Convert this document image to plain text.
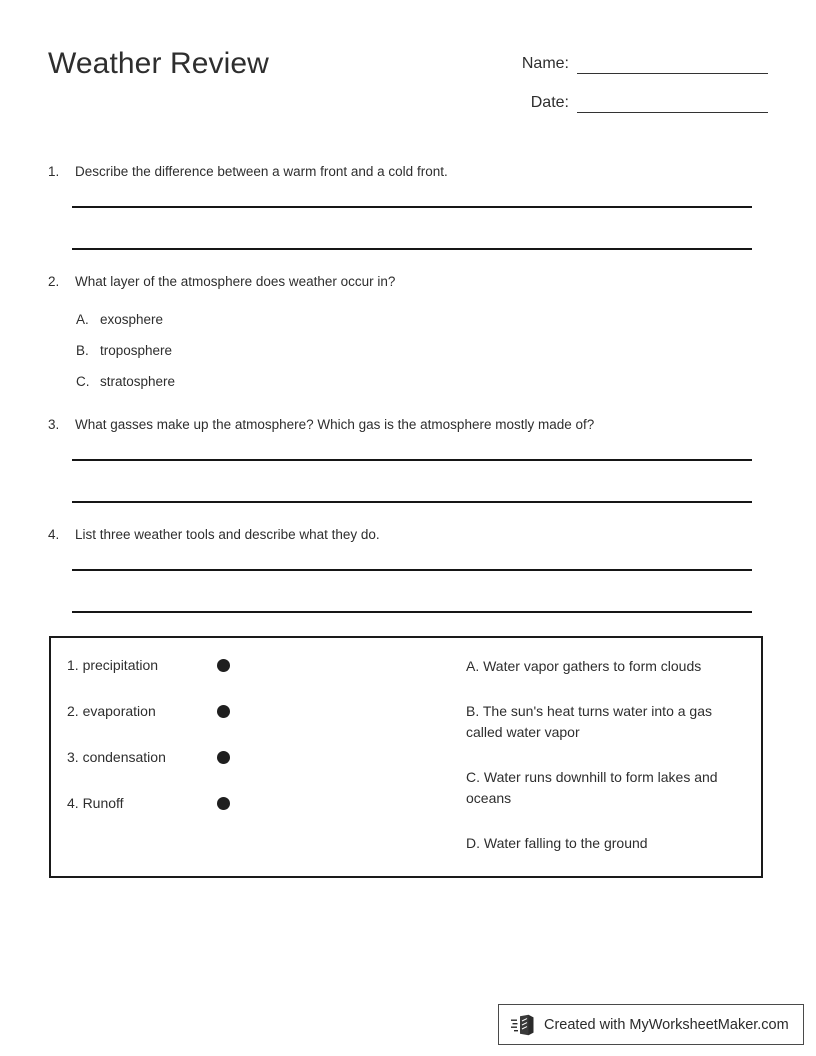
Weather Review	Name:
Date:
1.	Describe the difference between a warm front and a cold front.
2.	What layer of the atmosphere does weather occur in?
A. exosphere
B. troposphere
C. stratosphere
3.	What gasses make up the atmosphere? Which gas is the atmosphere mostly made of?
4.	List three weather tools and describe what they do.
1. precipitation
2. evaporation
3. condensation
4. Runoff
A. Water vapor gathers to form clouds
B. The sun's heat turns water into a gas called water vapor
C. Water runs downhill to form lakes and oceans
D. Water falling to the ground
Created with MyWorksheetMaker.com
